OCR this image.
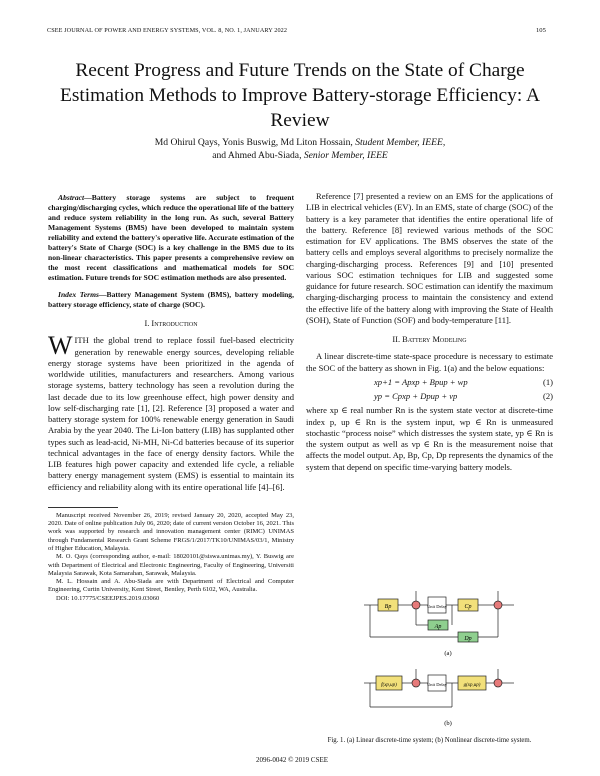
CSEE JOURNAL OF POWER AND ENERGY SYSTEMS, VOL. 8, NO. 1, JANUARY 2022	105
Recent Progress and Future Trends on the State of Charge Estimation Methods to Improve Battery-storage Efficiency: A Review
Md Ohirul Qays, Yonis Buswig, Md Liton Hossain, Student Member, IEEE,
and Ahmed Abu-Siada, Senior Member, IEEE

Abstract—Battery storage systems are subject to frequent charging/discharging cycles, which reduce the operational life of the battery and reduce system reliability in the long run. As such, several Battery Management Systems (BMS) have been developed to maintain system reliability and extend the battery's operative life. Accurate estimation of the battery's State of Charge (SOC) is a key challenge in the BMS due to its non-linear characteristics. This paper presents a comprehensive review on the most recent classifications and mathematical models for SOC estimation. Future trends for SOC estimation methods are also presented.

Index Terms—Battery Management System (BMS), battery modeling, battery storage efficiency, state of charge (SOC).

I. Introduction

WITH the global trend to replace fossil fuel-based electricity generation by renewable energy sources, developing reliable energy storage systems have been prioritized in the agenda of worldwide utilities, manufacturers and researchers. Among various storage systems, battery technology has seen a revolution during the last decade due to its low greenhouse effect, high power density and low self-discharging rate [1], [2]. Reference [3] proposed a water and battery storage system for 100% renewable energy generation in Saudi Arabia by the year 2040. The Li-Ion battery (LIB) has supplanted other types such as lead-acid, Ni-MH, Ni-Cd batteries because of its superior technical advantages in the face of energy density factors. While the LIB features high power capacity and extended life cycle, a reliable battery energy management system (EMS) is essential to maintain its efficiency and reliability along with its entire operational life [4]–[6].

Manuscript received November 26, 2019; revised January 20, 2020, accepted May 23, 2020. Date of online publication July 06, 2020; date of current version October 16, 2021. This work was supported by research and innovation management center (RIMC) UNIMAS through Fundamental Research Grant Scheme FRGS/1/2017/TK10/UNIMAS/03/1, Ministry of Higher Education, Malaysia.

M. O. Qays (corresponding author, e-mail: 18020101@siswa.unimas.my), Y. Buswig are with Department of Electrical and Electronic Engineering, Faculty of Engineering, Universiti Malaysia Sarawak, Kota Samarahan, Sarawak, Malaysia.

M. L. Hossain and A. Abu-Siada are with Department of Electrical and Computer Engineering, Curtin University, Kent Street, Bentley, Perth 6102, WA, Australia.

DOI: 10.17775/CSEEJPES.2019.03060

Reference [7] presented a review on an EMS for the applications of LIB in electrical vehicles (EV). In an EMS, state of charge (SOC) of the battery is a key parameter that identifies the entire operational life of the battery. Reference [8] reviewed various methods of the SOC estimation for EV applications. The BMS observes the state of the battery cells and employs several algorithms to precisely normalize the charging-discharging process. References [9] and [10] presented various SOC estimation techniques for LIB and suggested some guidance for future research. SOC estimation can identify the maximum charging-discharging process to maintain the consistency and extend the effective life of the battery along with improving the State of Health (SOH), State of Function (SOF) and body-temperature [11].

II. Battery Modeling

A linear discrete-time state-space procedure is necessary to estimate the SOC of the battery as shown in Fig. 1(a) and the below equations:

xp+1 = Apxp + Bpup + wp	(1)
yp = Cpxp + Dpup + vp	(2)

where xp ∈ real number Rn is the system state vector at discrete-time index p, up ∈ Rn is the system input, wp ∈ Rn is unmeasured stochastic “process noise” which distresses the system state, yp ∈ Rn is the system output as well as vp ∈ Rn is the measurement noise that affects the model output. Ap, Bp, Cp, Dp represents the dynamics of the system that depend on specific time-varying battery models.

(a)
Bp	Cp
Ap
Dp
Unit Delay
f(xp,up)	g(xp,up)
Unit Delay
(b)
Fig. 1. (a) Linear discrete-time system; (b) Nonlinear discrete-time system.
2096-0042 © 2019 CSEE
